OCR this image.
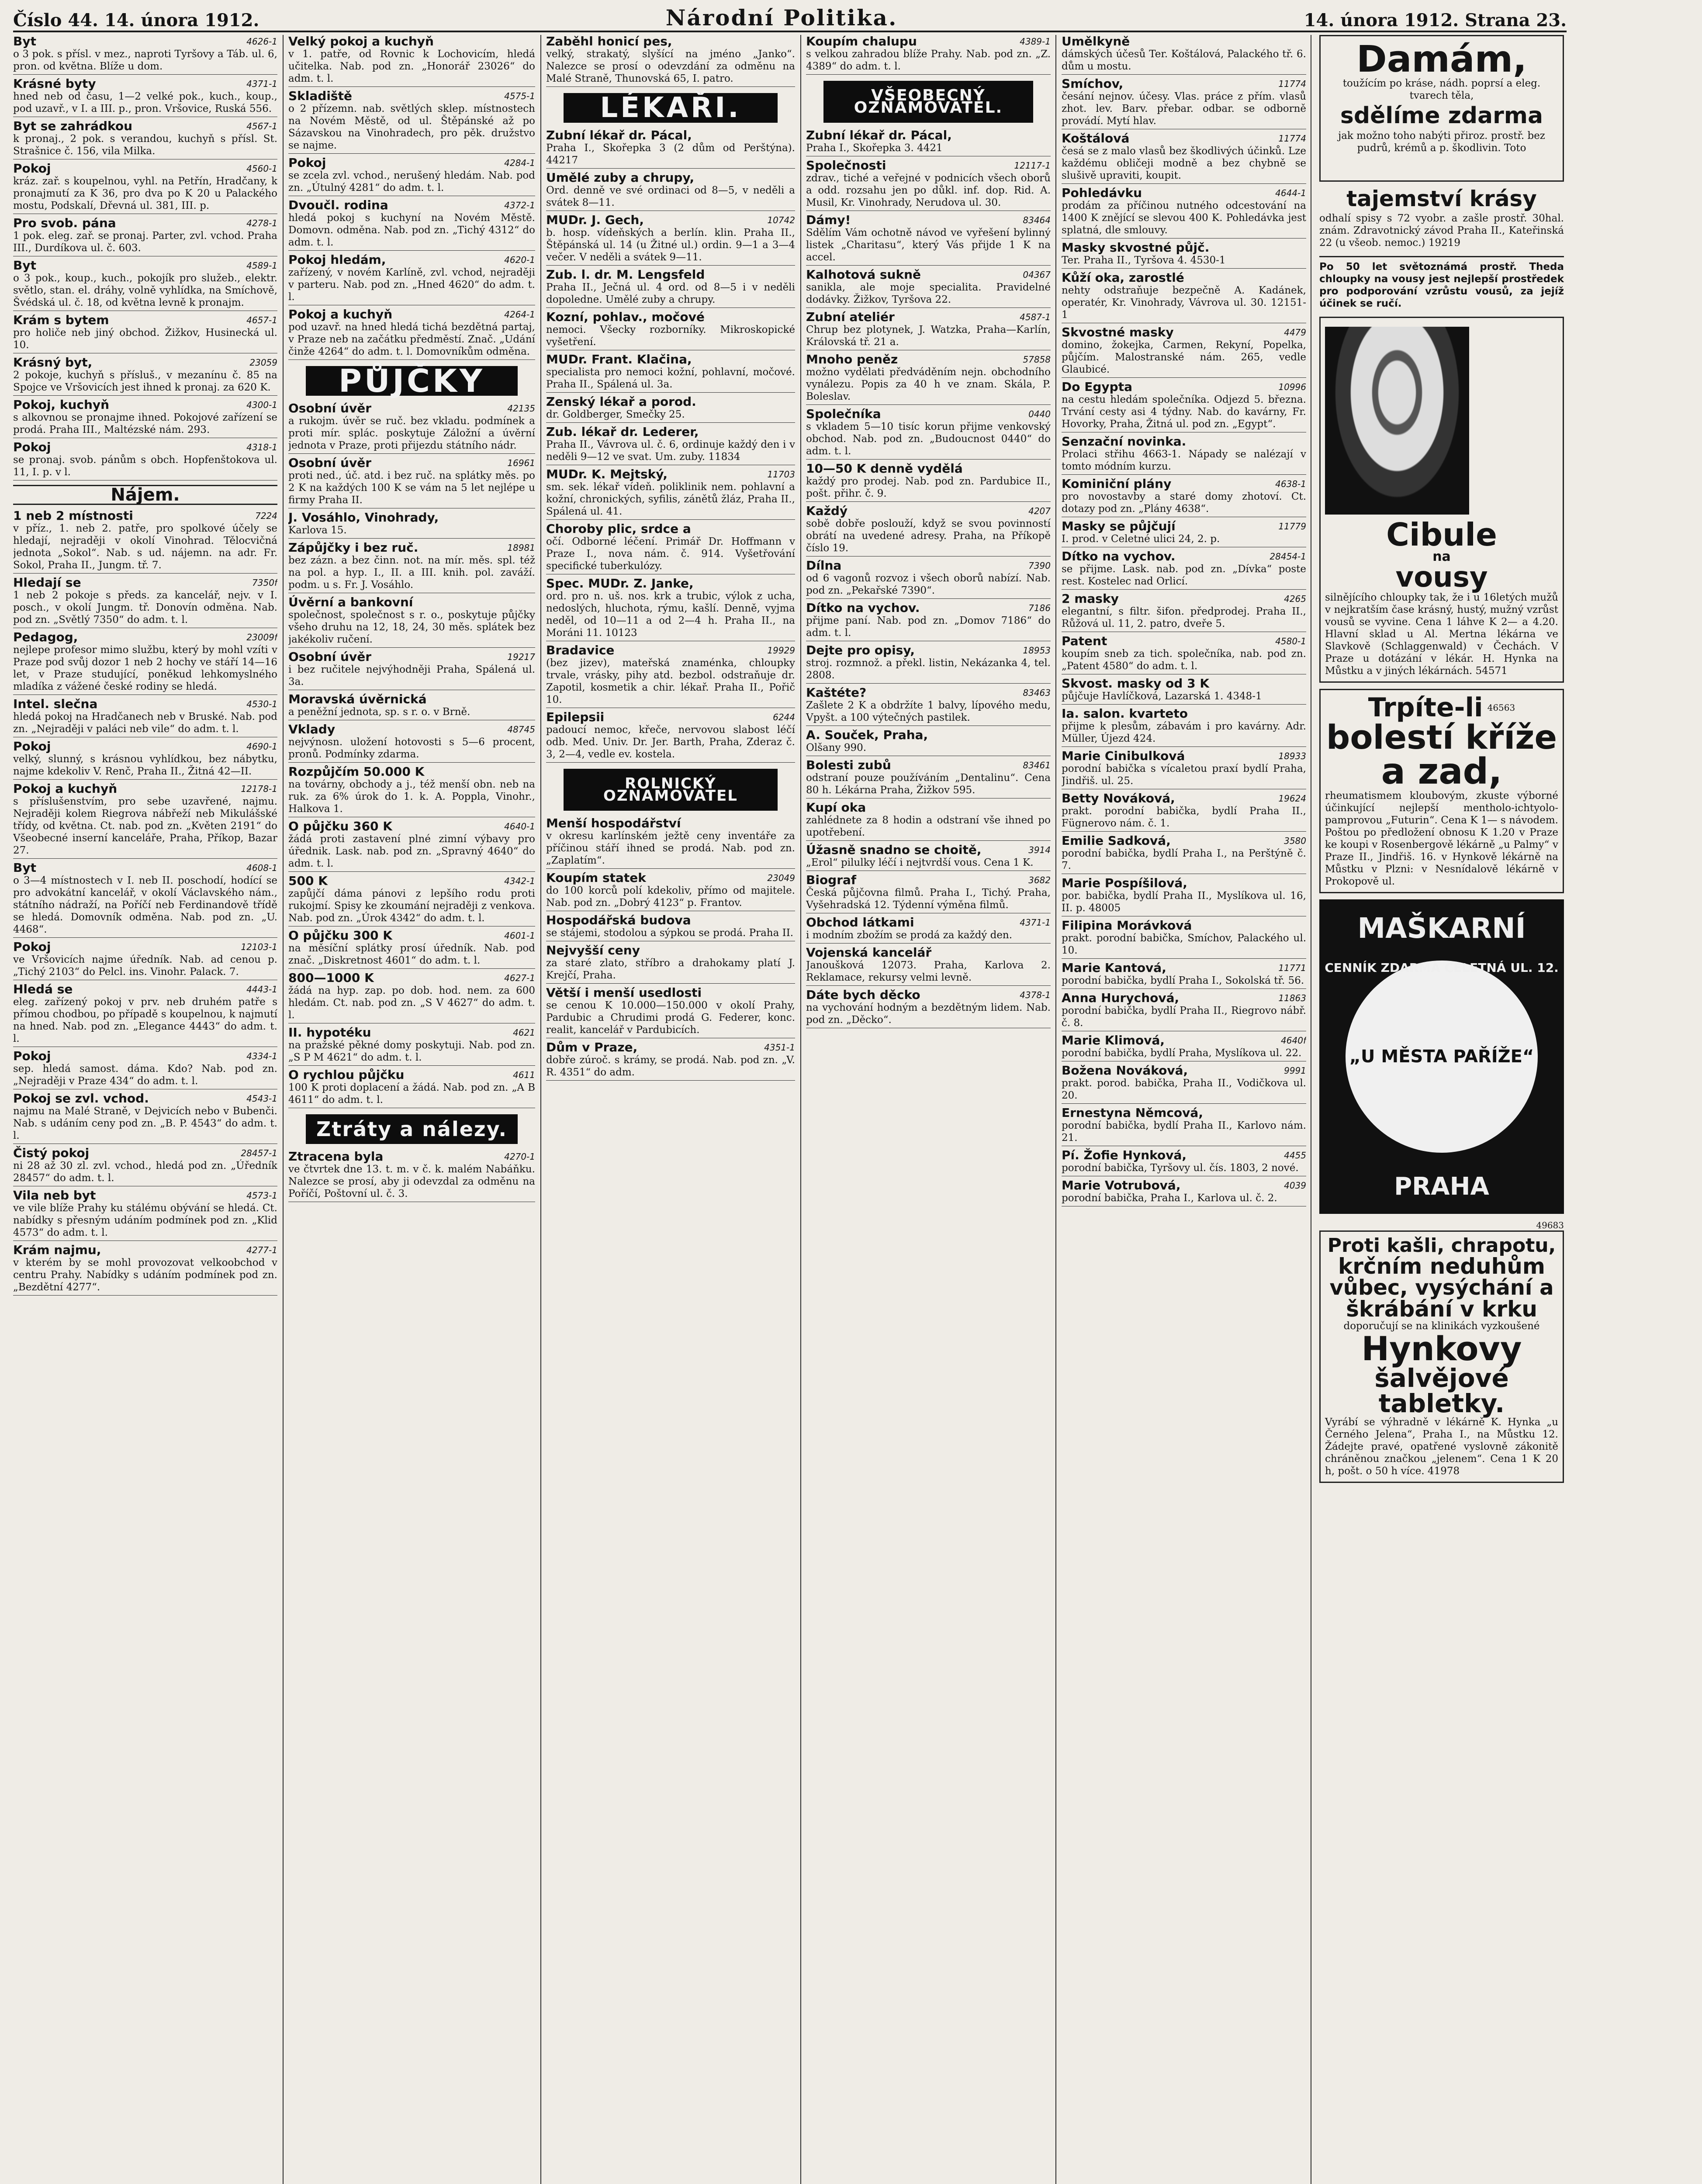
Číslo 44. 14. února 1912.	Národní Politika.	14. února 1912. Strana 23.
Byt	4626-1
o 3 pok. s přísl. v mez., naproti Tyršovy a Táb. ul. 6, pron. od května. Blíže u dom.
Krásné byty	4371-1
hned neb od času, 1—2 velké pok., kuch., koup., pod uzavř., v I. a III. p., pron. Vršovice, Ruská 556.
Byt se zahrádkou	4567-1
k pronaj., 2 pok. s verandou, kuchyň s přísl. St. Strašnice č. 156, vila Milka.
Pokoj	4560-1
kráz. zař. s koupelnou, vyhl. na Petřín, Hradčany, k pronajmutí za K 36, pro dva po K 20 u Palackého mostu, Podskalí, Dřevná ul. 381, III. p.
Pro svob. pána	4278-1
1 pok. eleg. zař. se pronaj. Parter, zvl. vchod. Praha III., Durdíkova ul. č. 603.
Byt	4589-1
o 3 pok., koup., kuch., pokojík pro služeb., elektr. světlo, stan. el. dráhy, volně vyhlídka, na Smíchově, Švédská ul. č. 18, od května levně k pronajm.
Krám s bytem	4657-1
pro holiče neb jiný obchod. Žižkov, Husinecká ul. 10.
Krásný byt,	23059
2 pokoje, kuchyň s přísluš., v mezanínu č. 85 na Spojce ve Vršovicích jest ihned k pronaj. za 620 K.
Pokoj, kuchyň	4300-1
s alkovnou se pronajme ihned. Pokojové zařízení se prodá. Praha III., Maltézské nám. 293.
Pokoj	4318-1
se pronaj. svob. pánům s obch. Hopfenštokova ul. 11, I. p. v l.
Nájem.
1 neb 2 místnosti	7224
v příz., 1. neb 2. patře, pro spolkové účely se hledají, nejraději v okolí Vinohrad. Tělocvičná jednota „Sokol“. Nab. s ud. nájemn. na adr. Fr. Sokol, Praha II., Jungm. tř. 7.
Hledají se	7350f
1 neb 2 pokoje s předs. za kancelář, nejv. v I. posch., v okolí Jungm. tř. Donovín odměna. Nab. pod zn. „Světlý 7350“ do adm. t. l.
Pedagog,	23009f
nejlepe profesor mimo službu, který by mohl vzíti v Praze pod svůj dozor 1 neb 2 hochy ve stáří 14—16 let, v Praze studující, poněkud lehkomyslného mladíka z vážené české rodiny se hledá.
Intel. slečna	4530-1
hledá pokoj na Hradčanech neb v Bruské. Nab. pod zn. „Nejraději v paláci neb vile“ do adm. t. l.
Pokoj	4690-1
velký, slunný, s krásnou vyhlídkou, bez nábytku, najme kdekoliv V. Renč, Praha II., Žitná 42—II.
Pokoj a kuchyň	12178-1
s příslušenstvím, pro sebe uzavřené, najmu. Nejraději kolem Riegrova nábřeží neb Mikulášské třídy, od května. Ct. nab. pod zn. „Květen 2191“ do Všeobecné inserní kanceláře, Praha, Příkop, Bazar 27.
Byt	4608-1
o 3—4 místnostech v I. neb II. poschodí, hodící se pro advokátní kancelář, v okolí Václavského nám., státního nádraží, na Poříčí neb Ferdinandově třídě se hledá. Domovník odměna. Nab. pod zn. „U. 4468“.
Pokoj	12103-1
ve Vršovicích najme úředník. Nab. ad cenou p. „Tichý 2103“ do Pelcl. ins. Vinohr. Palack. 7.
Hledá se	4443-1
eleg. zařízený pokoj v prv. neb druhém patře s přímou chodbou, po případě s koupelnou, k najmutí na hned. Nab. pod zn. „Elegance 4443“ do adm. t. l.
Pokoj	4334-1
sep. hledá samost. dáma. Kdo? Nab. pod zn. „Nejraději v Praze 434“ do adm. t. l.
Pokoj se zvl. vchod.	4543-1
najmu na Malé Straně, v Dejvicích nebo v Bubenči. Nab. s udáním ceny pod zn. „B. P. 4543“ do adm. t. l.
Čistý pokoj	28457-1
ni 28 až 30 zl. zvl. vchod., hledá pod zn. „Úředník 28457“ do adm. t. l.
Vila neb byt	4573-1
ve vile blíže Prahy ku stálému obývání se hledá. Ct. nabídky s přesným udáním podmínek pod zn. „Klid 4573“ do adm. t. l.
Krám najmu,	4277-1
v kterém by se mohl provozovat velkoobchod v centru Prahy. Nabídky s udáním podmínek pod zn. „Bezdětní 4277“.
Velký pokoj a kuchyň
v 1. patře, od Rovnic k Lochovicím, hledá učitelka. Nab. pod zn. „Honorář 23026“ do adm. t. l.
Skladiště	4575-1
o 2 přízemn. nab. světlých sklep. místnostech na Novém Městě, od ul. Štěpánské až po Sázavskou na Vinohradech, pro pěk. družstvo se najme.
Pokoj	4284-1
se zcela zvl. vchod., nerušený hledám. Nab. pod zn. „Útulný 4281“ do adm. t. l.
Dvoučl. rodina	4372-1
hledá pokoj s kuchyní na Novém Městě. Domovn. odměna. Nab. pod zn. „Tichý 4312“ do adm. t. l.
Pokoj hledám,	4620-1
zařízený, v novém Karlíně, zvl. vchod, nejraději v parteru. Nab. pod zn. „Hned 4620“ do adm. t. l.
Pokoj a kuchyň	4264-1
pod uzavř. na hned hledá tichá bezdětná partaj, v Praze neb na začátku předměstí. Znač. „Udání činže 4264“ do adm. t. l. Domovníkům odměna.
PŮJČKY
Osobní úvěr	42135
a rukojm. úvěr se ruč. bez vkladu. podmínek a proti mír. splác. poskytuje Záložní a úvěrní jednota v Praze, proti přijezdu státního nádr.
Osobní úvěr	16961
proti ned., úč. atd. i bez ruč. na splátky měs. po 2 K na každých 100 K se vám na 5 let nejlépe u firmy Praha II.
J. Vosáhlo, Vinohrady,
Karlova 15.
Zápůjčky i bez ruč.	18981
bez zázn. a bez činn. not. na mír. měs. spl. též na pol. a hyp. I., II. a III. knih. pol. zaváží. podm. u s. Fr. J. Vosáhlo.
Úvěrní a bankovní
společnost, společnost s r. o., poskytuje půjčky všeho druhu na 12, 18, 24, 30 měs. splátek bez jakékoliv ručení.
Osobní úvěr	19217
i bez ručitele nejvýhodněji Praha, Spálená ul. 3a.
Moravská úvěrnická
a peněžní jednota, sp. s r. o. v Brně.
Vklady	48745
nejvýnosn. uložení hotovosti s 5—6 procent, pronů. Podmínky zdarma.
Rozpůjčím 50.000 K
na továrny, obchody a j., též menší obn. neb na ruk. za 6% úrok do 1. k. A. Poppla, Vinohr., Halkova 1.
O půjčku 360 K	4640-1
žádá proti zastavení plné zimní výbavy pro úřednik. Lask. nab. pod zn. „Spravný 4640“ do adm. t. l.
500 K	4342-1
zapůjčí dáma pánovi z lepšího rodu proti rukojmí. Spisy ke zkoumání nejraději z venkova. Nab. pod zn. „Úrok 4342“ do adm. t. l.
O půjčku 300 K	4601-1
na měsíční splátky prosí úředník. Nab. pod znač. „Diskretnost 4601“ do adm. t. l.
800—1000 K	4627-1
žádá na hyp. zap. po dob. hod. nem. za 600 hledám. Ct. nab. pod zn. „S V 4627“ do adm. t. l.
II. hypotéku	4621
na pražské pěkné domy poskytuji. Nab. pod zn. „S P M 4621“ do adm. t. l.
O rychlou půjčku	4611
100 K proti doplacení a žádá. Nab. pod zn. „A B 4611“ do adm. t. l.
Ztráty a nálezy.
Ztracena byla	4270-1
ve čtvrtek dne 13. t. m. v č. k. malém Nabáňku. Nalezce se prosí, aby ji odevzdal za odměnu na Poříčí, Poštovní ul. č. 3.
Zaběhl honicí pes,
velký, strakatý, slyšící na jméno „Janko“. Nalezce se prosí o odevzdání za odměnu na Malé Straně, Thunovská 65, I. patro.
LÉKAŘI.
Zubní lékař dr. Pácal,
Praha I., Skořepka 3 (2 dům od Perštýna). 44217
Umělé zuby a chrupy,
Ord. denně ve své ordinaci od 8—5, v neděli a svátek 8—11.
MUDr. J. Gech,	10742
b. hosp. vídeňských a berlín. klin. Praha II., Štěpánská ul. 14 (u Žitné ul.) ordin. 9—1 a 3—4 večer. V neděli a svátek 9—11.
Zub. l. dr. M. Lengsfeld
Praha II., Ječná ul. 4 ord. od 8—5 i v neděli dopoledne. Umělé zuby a chrupy.
Kozní, pohlav., močové
nemoci. Všecky rozborníky. Mikroskopické vyšetření.
MUDr. Frant. Klačina,
specialista pro nemoci kožní, pohlavní, močové. Praha II., Spálená ul. 3a.
Zenský lékař a porod.
dr. Goldberger, Smečky 25.
Zub. lékař dr. Lederer,
Praha II., Vávrova ul. č. 6, ordinuje každý den i v neděli 9—12 ve svat. Um. zuby. 11834
MUDr. K. Mejtský,	11703
sm. sek. lékař vídeň. poliklinik nem. pohlavní a kožní, chronických, syfilis, zánětů žláz, Praha II., Spálená ul. 41.
Choroby plic, srdce a
očí. Odborné léčení. Primář Dr. Hoffmann v Praze I., nova nám. č. 914. Vyšetřování specifické tuberkulózy.
Spec. MUDr. Z. Janke,
ord. pro n. uš. nos. krk a trubic, výlok z ucha, nedoslých, hluchota, rýmu, kašlí. Denně, vyjma neděl, od 10—11 a od 2—4 h. Praha II., na Moráni 11. 10123
Bradavice	19929
(bez jizev), mateřská znaménka, chloupky trvale, vrásky, pihy atd. bezbol. odstraňuje dr. Zapotil, kosmetik a chir. lékař. Praha II., Pořič 10.
Epilepsii	6244
padoucí nemoc, křeče, nervovou slabost léčí odb. Med. Univ. Dr. Jer. Barth, Praha, Zderaz č. 3, 2—4, vedle ev. kostela.
ROLNICKÝ OZNAMOVATEL
Menší hospodářství
v okresu karlínském ježtě ceny inventáře za příčinou stáří ihned se prodá. Nab. pod zn. „Zaplatím“.
Koupím statek	23049
do 100 korců polí kdekoliv, přímo od majitele. Nab. pod zn. „Dobrý 4123“ p. Frantov.
Hospodářská budova
se stájemi, stodolou a sýpkou se prodá. Praha II.
Nejvyšší ceny
za staré zlato, stříbro a drahokamy platí J. Krejčí, Praha.
Větší i menší usedlosti
se cenou K 10.000—150.000 v okolí Prahy, Pardubic a Chrudimi prodá G. Federer, konc. realit, kancelář v Pardubicích.
Dům v Praze,	4351-1
dobře zúroč. s krámy, se prodá. Nab. pod zn. „V. R. 4351“ do adm.
Koupím chalupu	4389-1
s velkou zahradou blíže Prahy. Nab. pod zn. „Z. 4389“ do adm. t. l.
VŠEOBECNÝ OZNAMOVATEL.
Zubní lékař dr. Pácal,
Praha I., Skořepka 3. 4421
Společnosti	12117-1
zdrav., tiché a veřejné v podnicích všech oborů a odd. rozsahu jen po důkl. inf. dop. Rid. A. Musil, Kr. Vinohrady, Nerudova ul. 30.
Dámy!	83464
Sdělím Vám ochotně návod ve vyřešení bylinný listek „Charitasu“, který Vás přijde 1 K na accel.
Kalhotová sukně	04367
sanikla, ale moje specialita. Pravidelné dodávky. Žižkov, Tyršova 22.
Zubní ateliér	4587-1
Chrup bez plotynek, J. Watzka, Praha—Karlín, Královská tř. 21 a.
Mnoho peněz	57858
možno vydělati předváděním nejn. obchodního vynálezu. Popis za 40 h ve znam. Skála, P. Boleslav.
Společníka	0440
s vkladem 5—10 tisíc korun přijme venkovský obchod. Nab. pod zn. „Budoucnost 0440“ do adm. t. l.
10—50 K denně vydělá
každý pro prodej. Nab. pod zn. Pardubice II., pošt. přihr. č. 9.
Každý	4207
sobě dobře poslouží, když se svou povinností obrátí na uvedené adresy. Praha, na Příkopě číslo 19.
Dílna	7390
od 6 vagonů rozvoz i všech oborů nabízí. Nab. pod zn. „Pekařské 7390“.
Dítko na vychov.	7186
přijme paní. Nab. pod zn. „Domov 7186“ do adm. t. l.
Dejte pro opisy,	18953
stroj. rozmnož. a překl. listin, Nekázanka 4, tel. 2808.
Kaštéte?	83463
Zašlete 2 K a obdržíte 1 balvy, lípového medu, Vpyšt. a 100 výtečných pastilek.
A. Souček, Praha,
Olšany 990.
Bolesti zubů	83461
odstraní pouze používáním „Dentalinu“. Cena 80 h. Lékárna Praha, Žižkov 595.
Kupí oka
zahlédnete za 8 hodin a odstraní vše ihned po upotřebení.
Úžasně snadno se choitě,	3914
„Erol“ pilulky léčí i nejtvrdší vous. Cena 1 K.
Biograf	3682
Česká půjčovna filmů. Praha I., Tichý. Praha, Vyšehradská 12. Týdenní výměna filmů.
Obchod látkami	4371-1
i modním zbožím se prodá za každý den.
Vojenská kancelář
Janoušková 12073. Praha, Karlova 2. Reklamace, rekursy velmi levně.
Dáte bych děcko	4378-1
na vychování hodným a bezdětným lidem. Nab. pod zn. „Děcko“.
Umělkyně
dámských účesů Ter. Koštálová, Palackého tř. 6. dům u mostu.
Smíchov,	11774
česání nejnov. účesy. Vlas. práce z přím. vlasů zhot. lev. Barv. přebar. odbar. se odborně provádí. Mytí hlav.
Koštálová	11774
česá se z malo vlasů bez škodlivých účinků. Lze každému obličeji modně a bez chybně se slušivě upraviti, koupit.
Pohledávku	4644-1
prodám za příčinou nutného odcestování na 1400 K znějící se slevou 400 K. Pohledávka jest splatná, dle smlouvy.
Masky skvostné půjč.
Ter. Praha II., Tyršova 4. 4530-1
Kůží oka, zarostlé
nehty odstraňuje bezpečně A. Kadánek, operatér, Kr. Vinohrady, Vávrova ul. 30. 12151-1
Skvostné masky	4479
domino, žokejka, Carmen, Rekyní, Popelka, půjčím. Malostranské nám. 265, vedle Glaubicé.
Do Egypta	10996
na cestu hledám společníka. Odjezd 5. března. Trvání cesty asi 4 týdny. Nab. do kavárny, Fr. Hovorky, Praha, Žitná ul. pod zn. „Egypt“.
Senzační novinka.
Prolaci střihu 4663-1. Nápady se nalézají v tomto módním kurzu.
Kominiční plány	4638-1
pro novostavby a staré domy zhotoví. Ct. dotazy pod zn. „Plány 4638“.
Masky se půjčují	11779
I. prod. v Celetné ulici 24, 2. p.
Dítko na vychov.	28454-1
se přijme. Lask. nab. pod zn. „Dívka“ poste rest. Kostelec nad Orlicí.
2 masky	4265
elegantní, s filtr. šifon. předprodej. Praha II., Růžová ul. 11, 2. patro, dveře 5.
Patent	4580-1
koupím sneb za tich. společníka, nab. pod zn. „Patent 4580“ do adm. t. l.
Skvost. masky od 3 K
půjčuje Havlíčková, Lazarská 1. 4348-1
Ia. salon. kvarteto
přijme k plesům, zábavám i pro kavárny. Adr. Müller, Újezd 424.
Marie Cinibulková	18933
porodní babička s vícaletou praxí bydlí Praha, Jindřiš. ul. 25.
Betty Nováková,	19624
prakt. porodní babička, bydlí Praha II., Fügnerovo nám. č. 1.
Emilie Sadková,	3580
porodní babička, bydlí Praha I., na Perštýně č. 7.
Marie Pospíšilová,
por. babička, bydlí Praha II., Myslíkova ul. 16, II. p. 48005
Filipina Morávková
prakt. porodní babička, Smíchov, Palackého ul. 10.
Marie Kantová,	11771
porodní babička, bydlí Praha I., Sokolská tř. 56.
Anna Hurychová,	11863
porodní babička, bydlí Praha II., Riegrovo nábř. č. 8.
Marie Klimová,	4640f
porodní babička, bydlí Praha, Myslíkova ul. 22.
Božena Nováková,	9991
prakt. porod. babička, Praha II., Vodičkova ul. 20.
Ernestyna Němcová,
porodní babička, bydlí Praha II., Karlovo nám. 21.
Pí. Žofie Hynková,	4455
porodní babička, Tyršovy ul. čís. 1803, 2 nové.
Marie Votrubová,	4039
porodní babička, Praha I., Karlova ul. č. 2.
Damám,
toužícím po kráse, nádh. poprsí a eleg. tvarech těla,
sdělíme zdarma
jak možno toho nabýti přiroz. prostř. bez pudrů, krémů a p. škodlivin. Toto
tajemství krásy
odhalí spisy s 72 vyobr. a zašle prostř. 30hal. znám. Zdravotnický závod Praha II., Kateřinská 22 (u všeob. nemoc.) 19219
Po 50 let světoznámá prostř. Theda chloupky na vousy jest nejlepší prostředek pro podporování vzrůstu vousů, za jejíž účinek se ručí.
Cibule
na
vousy
silnějícího chloupky tak, že i u 16letých mužů v nejkratším čase krásný, hustý, mužný vzrůst vousů se vyvine. Cena 1 láhve K 2— a 4.20. Hlavní sklad u Al. Mertna lékárna ve Slavkově (Schlaggenwald) v Čechách. V Praze u dotázání v lékár. H. Hynka na Můstku a v jiných lékárnách. 54571
Trpíte-li 46563
bolestí kříže
a zad,
rheumatismem kloubovým, zkuste výborné účinkující nejlepší mentholo-ichtyolo-pamprovou „Futurin“. Cena K 1— s návodem. Poštou po předložení obnosu K 1.20 v Praze ke koupi v Rosenbergově lékárně „u Palmy“ v Praze II., Jindřiš. 16. v Hynkově lékárně na Můstku v Plzni: v Nesnídalově lékárně v Prokopově ul.
MAŠKARNÍ
„U MĚSTA PAŘÍŽE“
CENNÍK ZDARMA CELETNÁ UL. 12.
PRAHA
49683
Proti kašli, chrapotu,
krčním neduhům
vůbec, vysýchání a
škrábání v krku
doporučují se na klinikách vyzkoušené
Hynkovy
šalvějové tabletky.
Vyrábí se výhradně v lékárně K. Hynka „u Černého Jelena“, Praha I., na Můstku 12. Žádejte pravé, opatřené vyslovně zákonitě chráněnou značkou „jelenem“. Cena 1 K 20 h, pošt. o 50 h více. 41978
